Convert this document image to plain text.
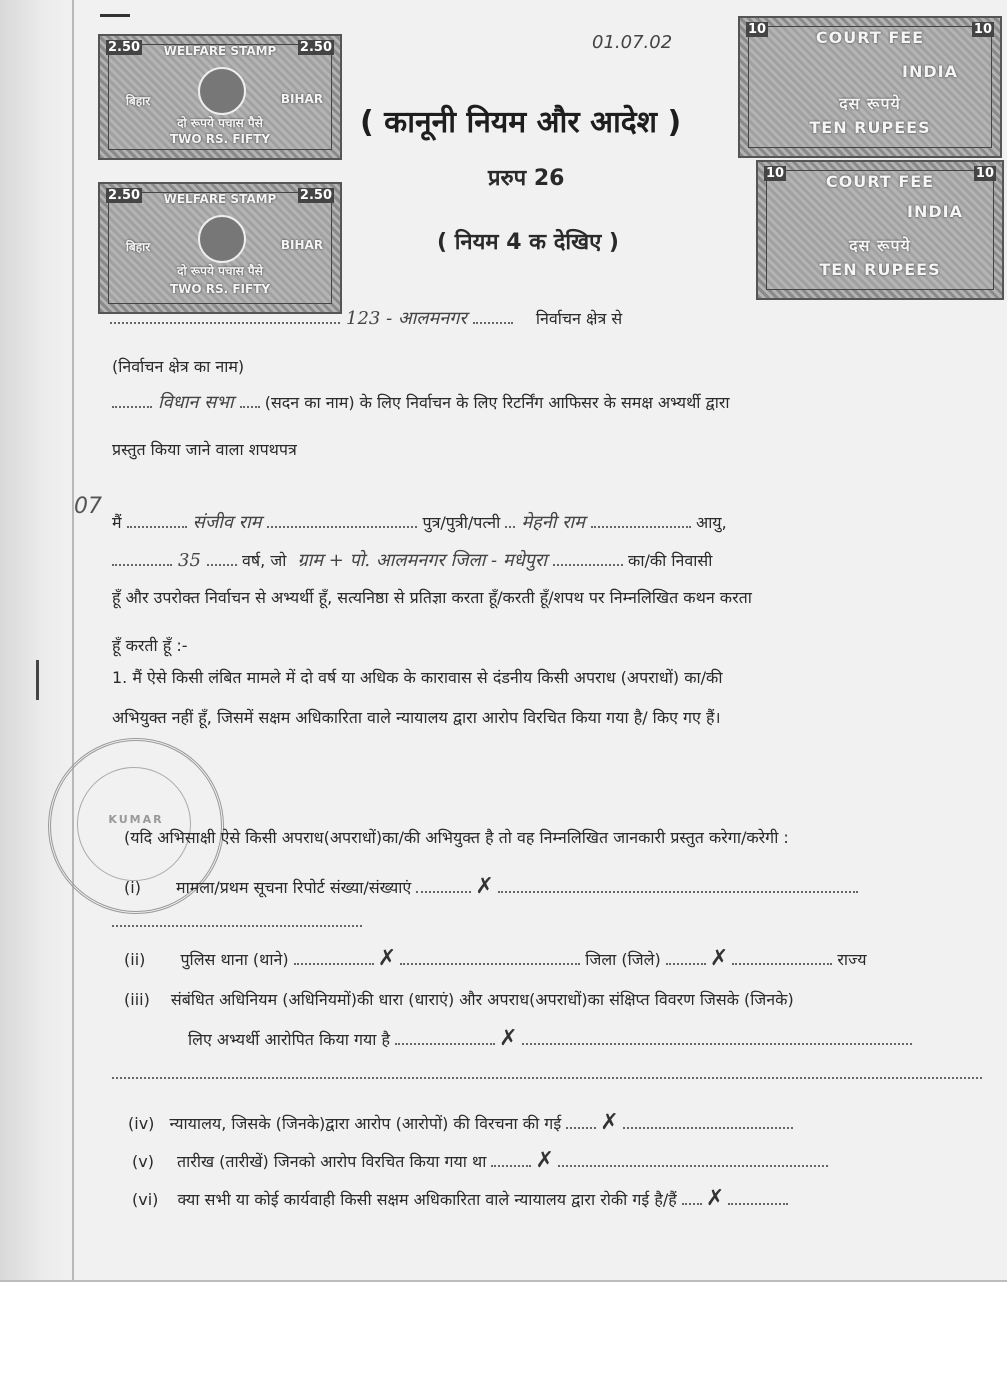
2.50	2.50
WELFARE STAMP
बिहार	BIHAR
दो रूपये पचास पैसे
TWO RS. FIFTY
2.50	2.50
WELFARE STAMP
बिहार	BIHAR
दो रूपये पचास पैसे
TWO RS. FIFTY
10	10
COURT FEE
INDIA
दस रूपये
TEN RUPEES
10	10
COURT FEE
INDIA
दस रूपये
TEN RUPEES
01.07.02
( कानूनी नियम और आदेश )
प्ररुप 26
( नियम 4 क देखिए )
123 - आलमनगर	निर्वाचन क्षेत्र से
(निर्वाचन क्षेत्र का नाम)
विधान सभा (सदन का नाम) के लिए निर्वाचन के लिए रिटर्निंग आफिसर के समक्ष अभ्यर्थी द्वारा
प्रस्तुत किया जाने वाला शपथपत्र
मैं	संजीव राम	पुत्र/पुत्री/पत्नी मेहनी राम	आयु,
35	वर्ष, जो ग्राम + पो. आलमनगर जिला - मधेपुरा	का/की निवासी
हूँ और उपरोक्त निर्वाचन से अभ्यर्थी हूँ, सत्यनिष्ठा से प्रतिज्ञा करता हूँ/करती हूँ/शपथ पर निम्नलिखित कथन करता
हूँ करती हूँ :-
1. मैं ऐसे किसी लंबित मामले में दो वर्ष या अधिक के कारावास से दंडनीय किसी अपराध (अपराधों) का/की
अभियुक्त नहीं हूँ, जिसमें सक्षम अधिकारिता वाले न्यायालय द्वारा आरोप विरचित किया गया है/ किए गए हैं।
07
KUMAR
(यदि अभिसाक्षी ऐसे किसी अपराध(अपराधों)का/की अभियुक्त है तो वह निम्नलिखित जानकारी प्रस्तुत करेगा/करेगी :
(i) मामला/प्रथम सूचना रिपोर्ट संख्या/संख्याएं	✗
(ii) पुलिस थाना (थाने)	✗	जिला (जिले) ✗	राज्य
(iii) संबंधित अधिनियम (अधिनियमों)की धारा (धाराएं) और अपराध(अपराधों)का संक्षिप्त विवरण जिसके (जिनके)
लिए अभ्यर्थी आरोपित किया गया है	✗
(iv) न्यायालय, जिसके (जिनके)द्वारा आरोप (आरोपों) की विरचना की गई ✗
(v) तारीख (तारीखें) जिनको आरोप विरचित किया गया था ✗
(vi) क्या सभी या कोई कार्यवाही किसी सक्षम अधिकारिता वाले न्यायालय द्वारा रोकी गई है/हैं ✗
